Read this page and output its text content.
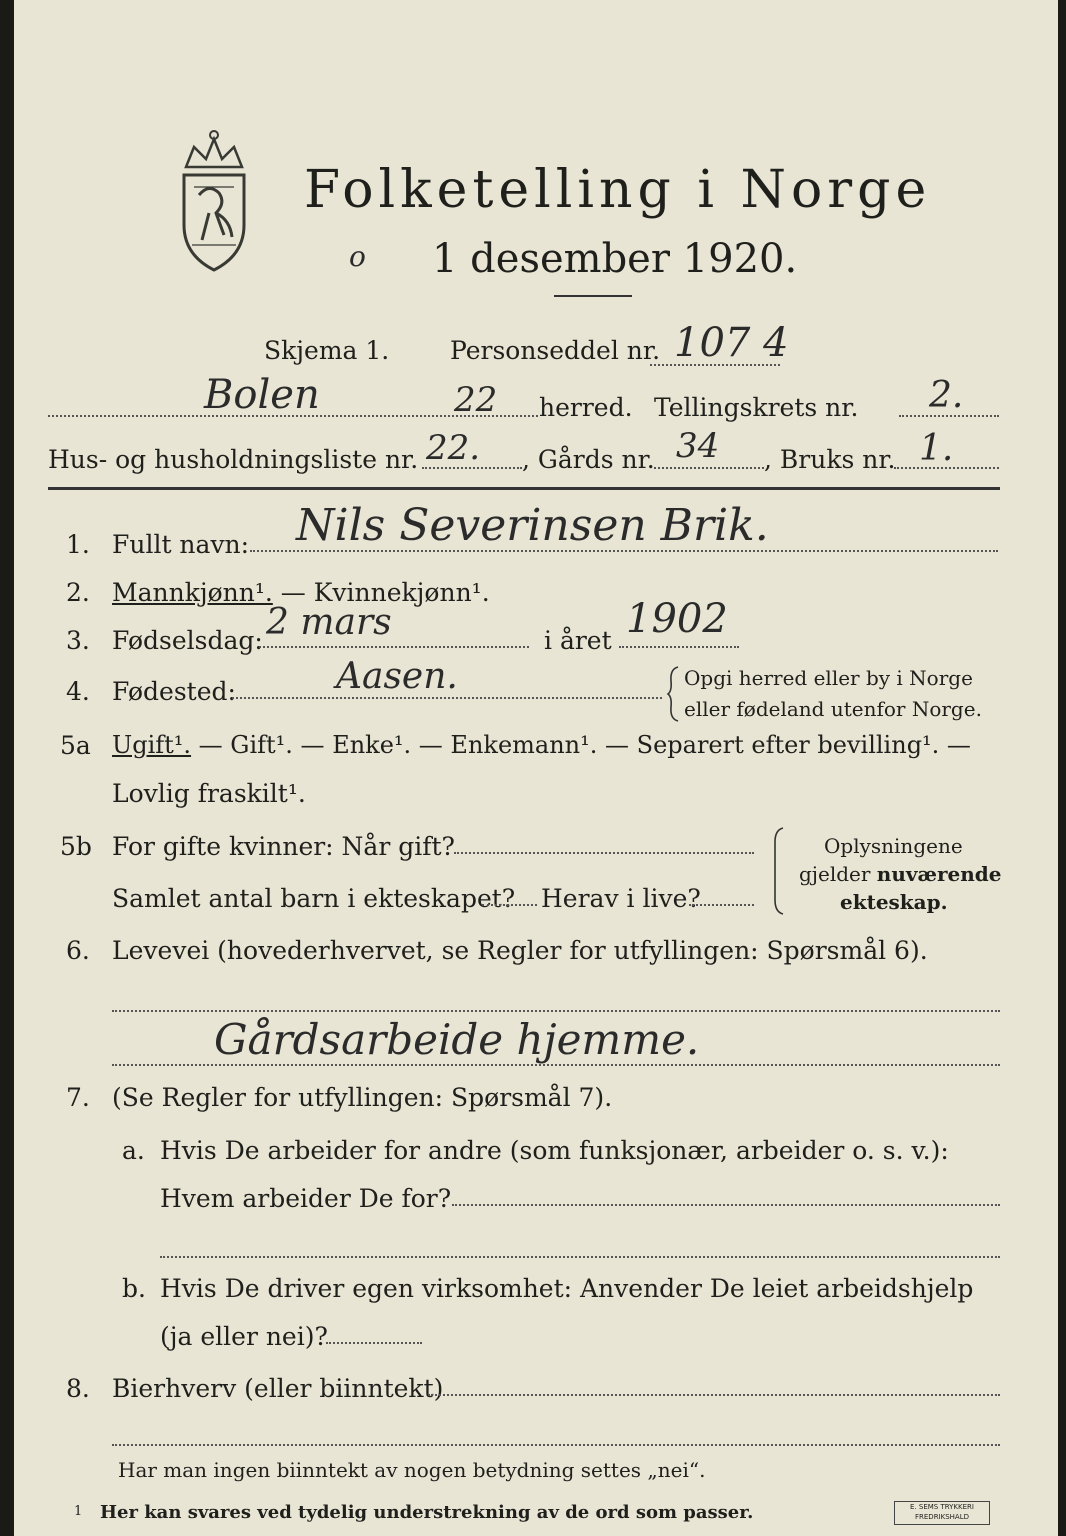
Folketelling i Norge
ο 1 desember 1920.
Skjema 1. Personseddel nr. 107 4
Bolen	22 herred. Tellingskrets nr. 2.
Hus- og husholdningsliste nr. 22. , Gårds nr. 34 , Bruks nr. 1.
1. Fullt navn: Nils Severinsen Brik.
2. Mannkjønn¹. — Kvinnekjønn¹.
3. Fødselsdag: 2 mars	i året 1902
4. Fødested:	Aasen.	Opgi herred eller by i Norge
eller fødeland utenfor Norge.
5a Ugift¹. — Gift¹. — Enke¹. — Enkemann¹. — Separert efter bevilling¹. —
Lovlig fraskilt¹.
5b For gifte kvinner: Når gift?
Samlet antal barn i ekteskapet? Herav i live?
Oplysningene
gjelder nuværende
ekteskap.
6. Levevei (hovederhvervet, se Regler for utfyllingen: Spørsmål 6).
Gårdsarbeide hjemme.
7. (Se Regler for utfyllingen: Spørsmål 7).
a. Hvis De arbeider for andre (som funksjonær, arbeider o. s. v.):
Hvem arbeider De for?
b. Hvis De driver egen virksomhet: Anvender De leiet arbeidshjelp
(ja eller nei)?
8. Bierhverv (eller biinntekt)
Har man ingen biinntekt av nogen betydning settes „nei“.
1 Her kan svares ved tydelig understrekning av de ord som passer.	E. SEMS TRYKKERI
FREDRIKSHALD
